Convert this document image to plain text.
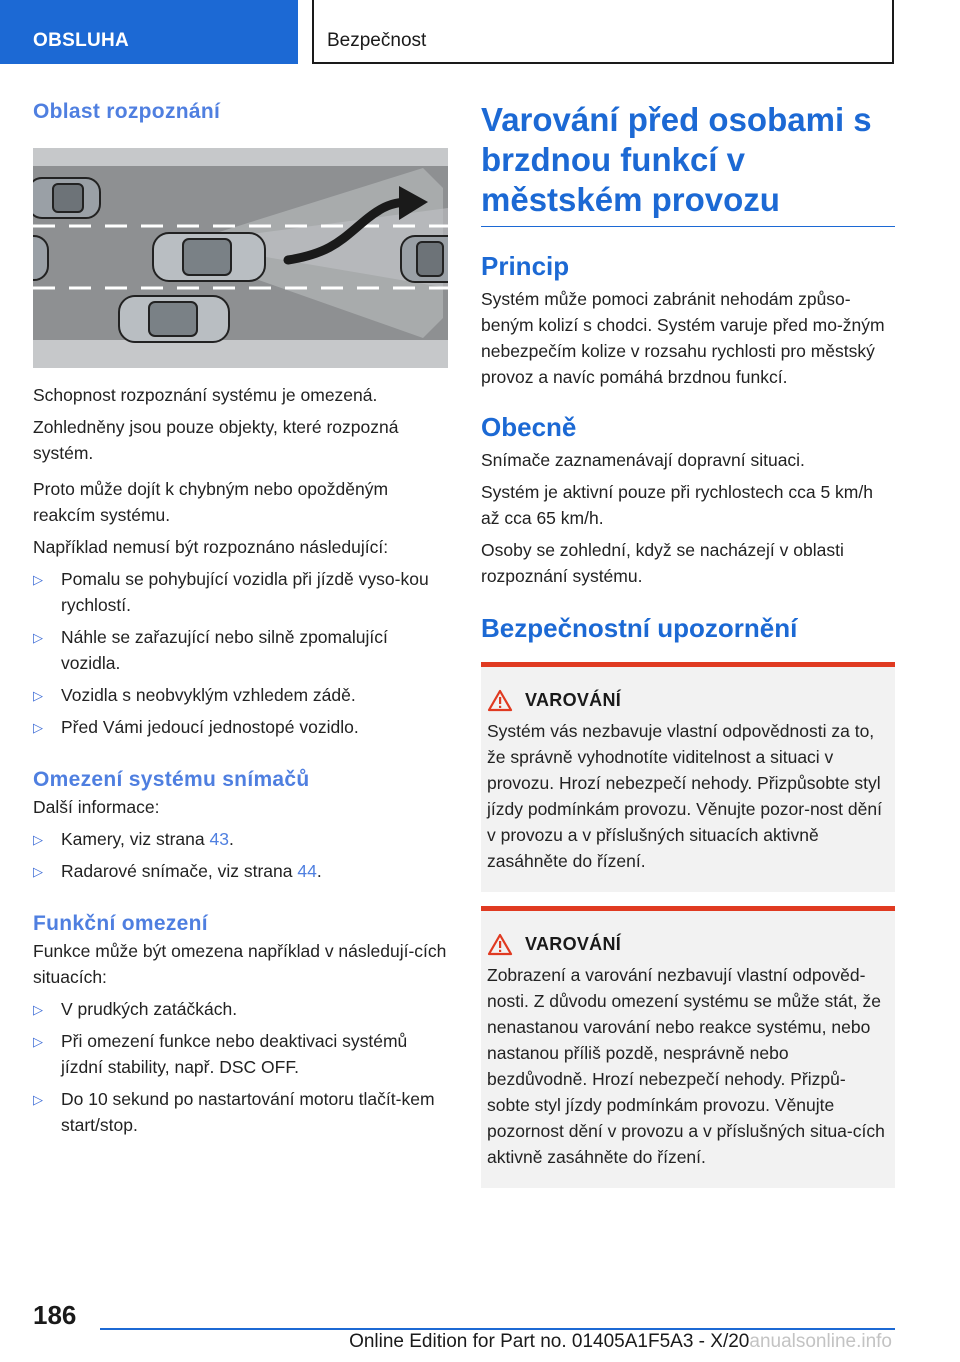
OBSLUHA	Bezpečnost
Oblast rozpoznání

Schopnost rozpoznání systému je omezená.

Zohledněny jsou pouze objekty, které rozpozná systém.

Proto může dojít k chybným nebo opožděným reakcím systému.

Například nemusí být rozpoznáno následující:

▷ Pomalu se pohybující vozidla při jízdě vyso-kou rychlostí.
▷ Náhle se zařazující nebo silně zpomalující vozidla.
▷ Vozidla s neobvyklým vzhledem zádě.
▷ Před Vámi jedoucí jednostopé vozidlo.
Omezení systému snímačů

Další informace:

▷ Kamery, viz strana 43.
▷ Radarové snímače, viz strana 44.
Funkční omezení

Funkce může být omezena například v následují-cích situacích:

▷ V prudkých zatáčkách.
▷ Při omezení funkce nebo deaktivaci systémů jízdní stability, např. DSC OFF.
▷ Do 10 sekund po nastartování motoru tlačít-kem start/stop.
Varování před osobami s brzdnou funkcí v městském provozu
Princip

Systém může pomoci zabránit nehodám způso-beným kolizí s chodci. Systém varuje před mo-žným nebezpečím kolize v rozsahu rychlosti pro městský provoz a navíc pomáhá brzdnou funkcí.

Obecně

Snímače zaznamenávají dopravní situaci.

Systém je aktivní pouze při rychlostech cca 5 km/h až cca 65 km/h.

Osoby se zohlední, když se nacházejí v oblasti rozpoznání systému.

Bezpečnostní upozornění
VAROVÁNÍ

Systém vás nezbavuje vlastní odpovědnosti za to, že správně vyhodnotíte viditelnost a situaci v provozu. Hrozí nebezpečí nehody. Přizpůsobte styl jízdy podmínkám provozu. Věnujte pozor-nost dění v provozu a v příslušných situacích aktivně zasáhněte do řízení.

VAROVÁNÍ

Zobrazení a varování nezbavují vlastní odpověd-nosti. Z důvodu omezení systému se může stát, že nenastanou varování nebo reakce systému, nebo nastanou příliš pozdě, nesprávně nebo bezdůvodně. Hrozí nebezpečí nehody. Přizpů-sobte styl jízdy podmínkám provozu. Věnujte pozornost dění v provozu a v příslušných situa-cích aktivně zasáhněte do řízení.

186
Online Edition for Part no. 01405A1F5A3 - X/20anualsonline.info
